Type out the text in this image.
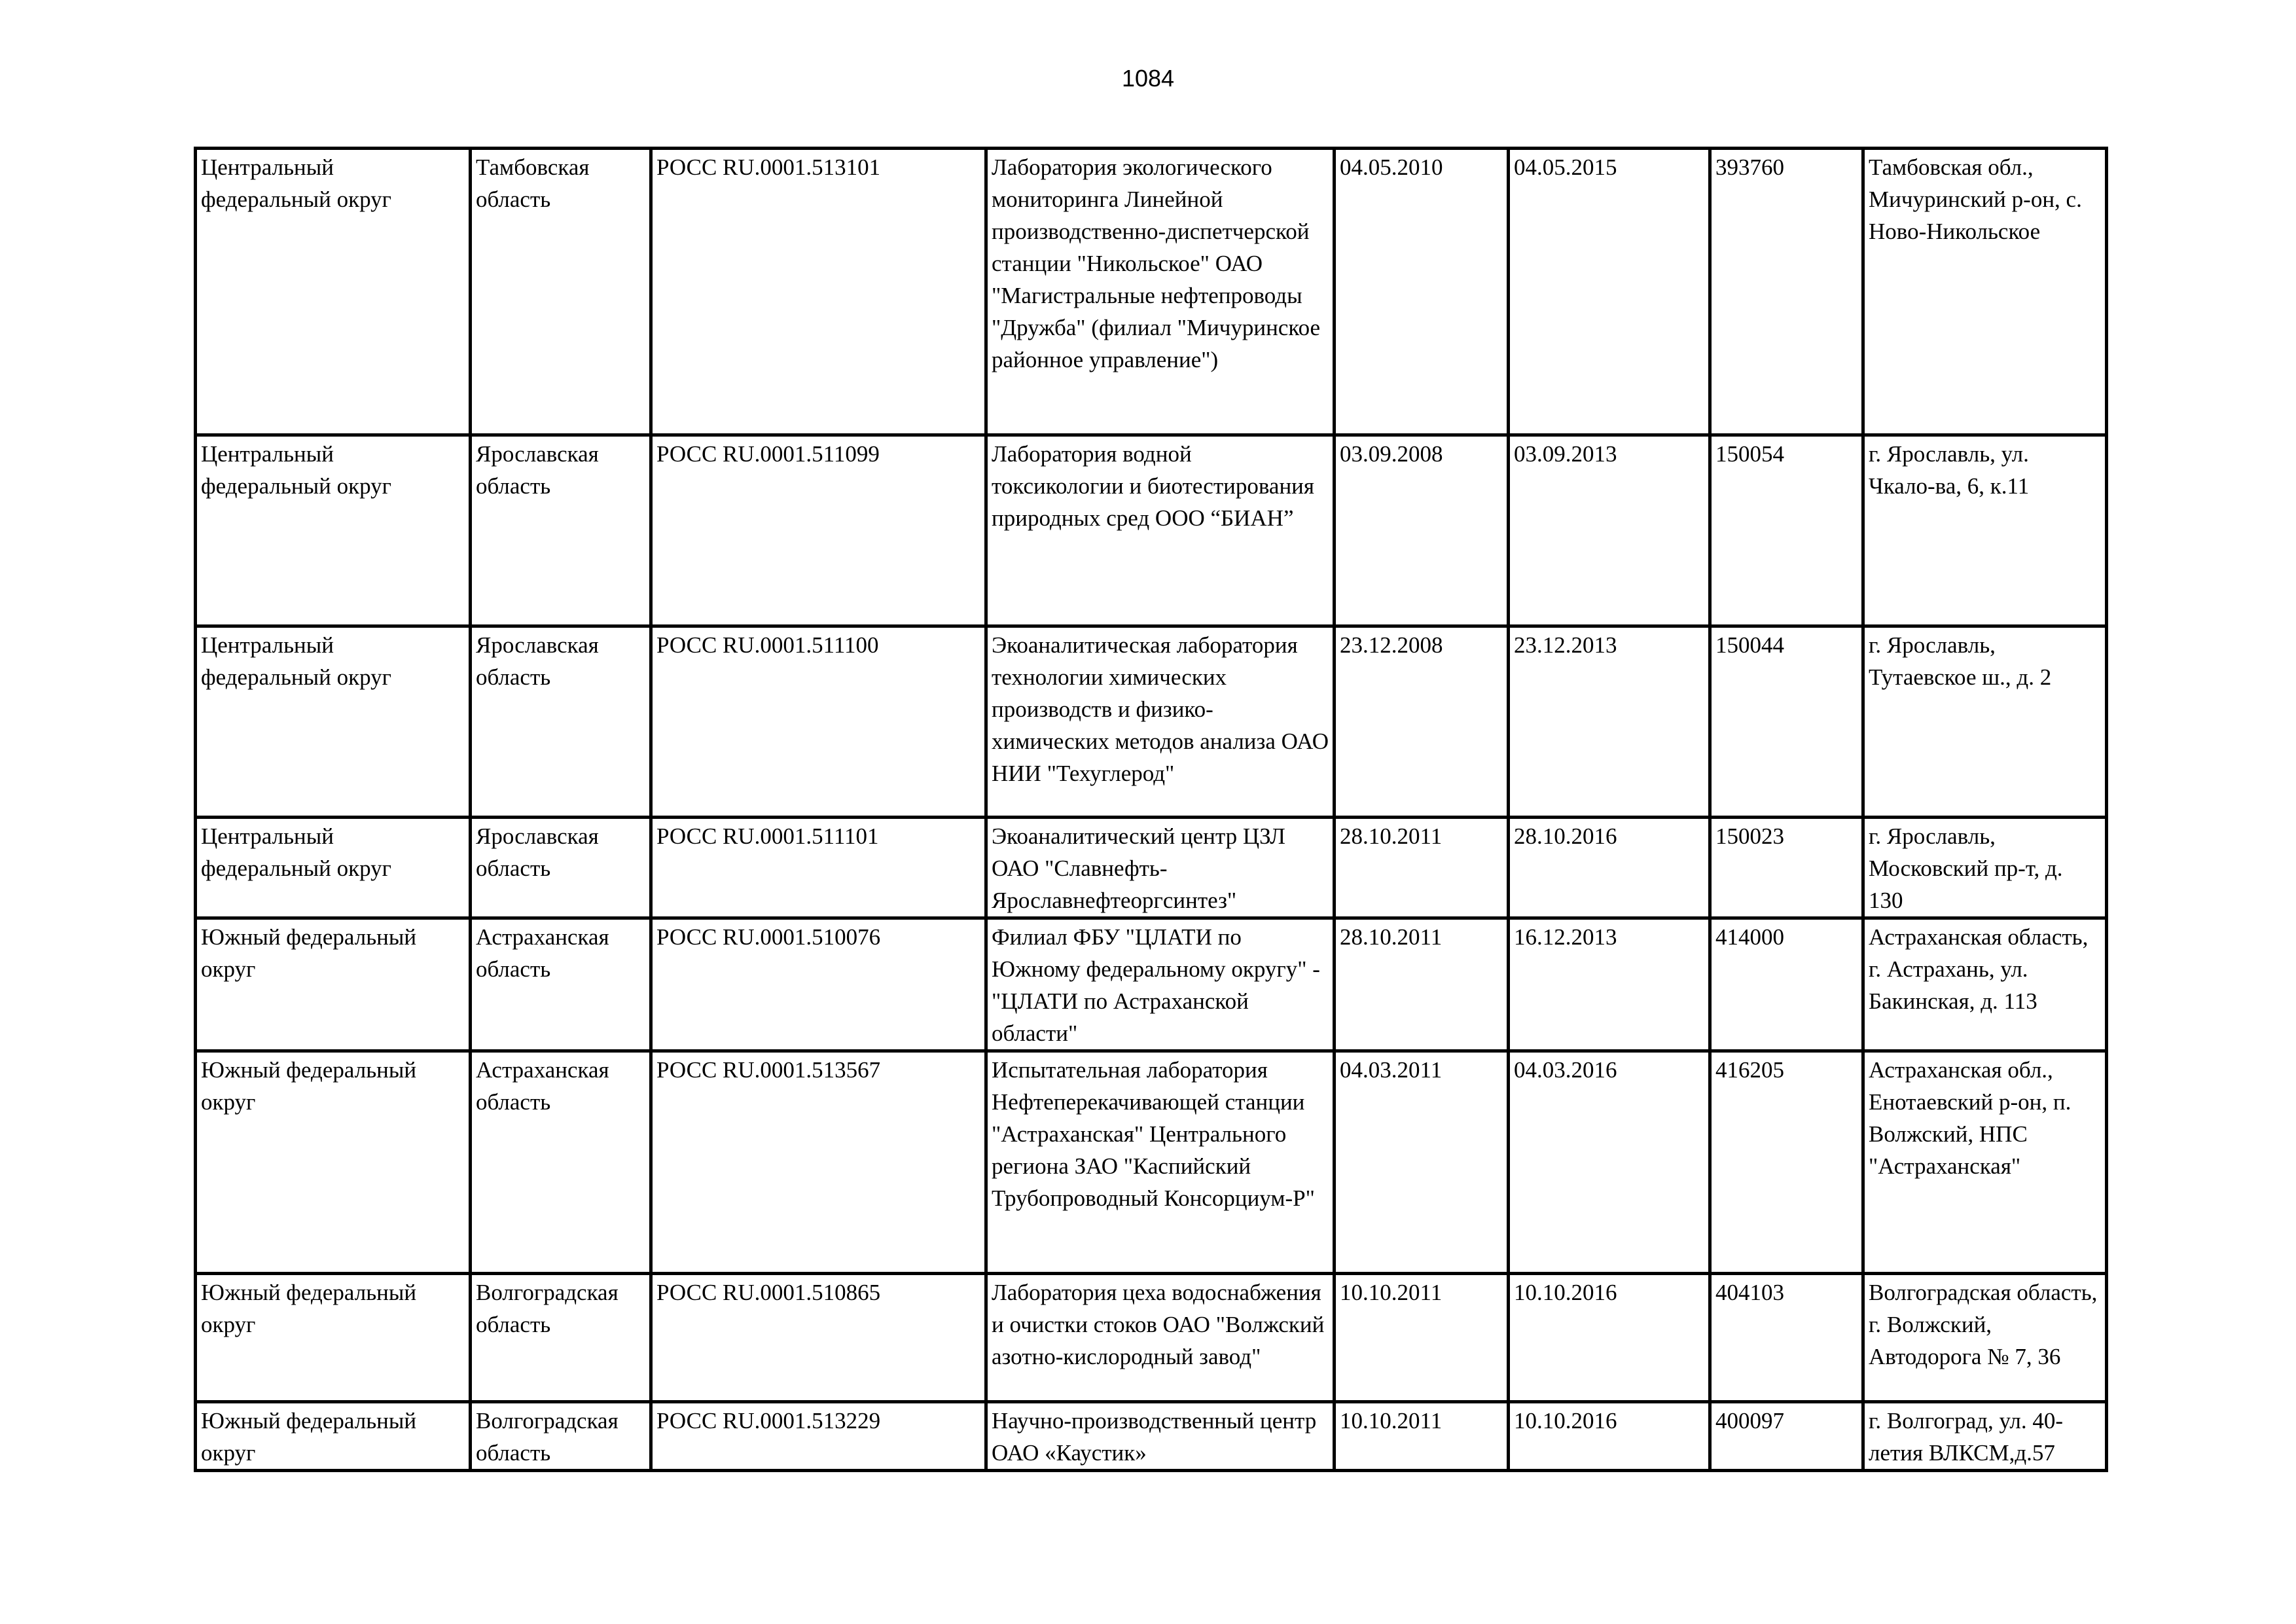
1084
Центральный федеральный округ	Тамбовская область	РОСС RU.0001.513101	Лаборатория экологического мониторинга Линейной производственно-диспетчерской станции "Никольское" ОАО "Магистральные нефтепроводы "Дружба" (филиал "Мичуринское районное управление")	04.05.2010	04.05.2015	393760	Тамбовская обл., Мичуринский р-он, с. Ново-Никольское
Центральный федеральный округ	Ярославская область	РОСС RU.0001.511099	Лаборатория водной токсикологии и биотестирования природных сред ООО “БИАН”	03.09.2008	03.09.2013	150054	г. Ярославль, ул. Чкало-ва, 6, к.11
Центральный федеральный округ	Ярославская область	РОСС RU.0001.511100	Экоаналитическая лаборатория технологии химических производств и физико-химических методов анализа ОАО НИИ "Техуглерод"	23.12.2008	23.12.2013	150044	г. Ярославль, Тутаевское ш., д. 2
Центральный федеральный округ	Ярославская область	РОСС RU.0001.511101	Экоаналитический центр ЦЗЛ ОАО "Славнефть-Ярославнефтеоргсинтез"	28.10.2011	28.10.2016	150023	г. Ярославль, Московский пр-т, д. 130
Южный федеральный округ	Астраханская область	РОСС RU.0001.510076	Филиал ФБУ "ЦЛАТИ по Южному федеральному округу" - "ЦЛАТИ по Астраханской области"	28.10.2011	16.12.2013	414000	Астраханская область, г. Астрахань, ул. Бакинская, д. 113
Южный федеральный округ	Астраханская область	РОСС RU.0001.513567	Испытательная лаборатория Нефтеперекачивающей станции "Астраханская" Центрального региона ЗАО "Каспийский Трубопроводный Консорциум-Р"	04.03.2011	04.03.2016	416205	Астраханская обл., Енотаевский р-он, п. Волжский, НПС "Астраханская"
Южный федеральный округ	Волгоградская область	РОСС RU.0001.510865	Лаборатория цеха водоснабжения и очистки стоков ОАО "Волжский азотно-кислородный завод"	10.10.2011	10.10.2016	404103	Волгоградская область, г. Волжский, Автодорога № 7, 36
Южный федеральный округ	Волгоградская область	РОСС RU.0001.513229	Научно-производственный центр ОАО «Каустик»	10.10.2011	10.10.2016	400097	г. Волгоград, ул. 40-летия ВЛКСМ,д.57
